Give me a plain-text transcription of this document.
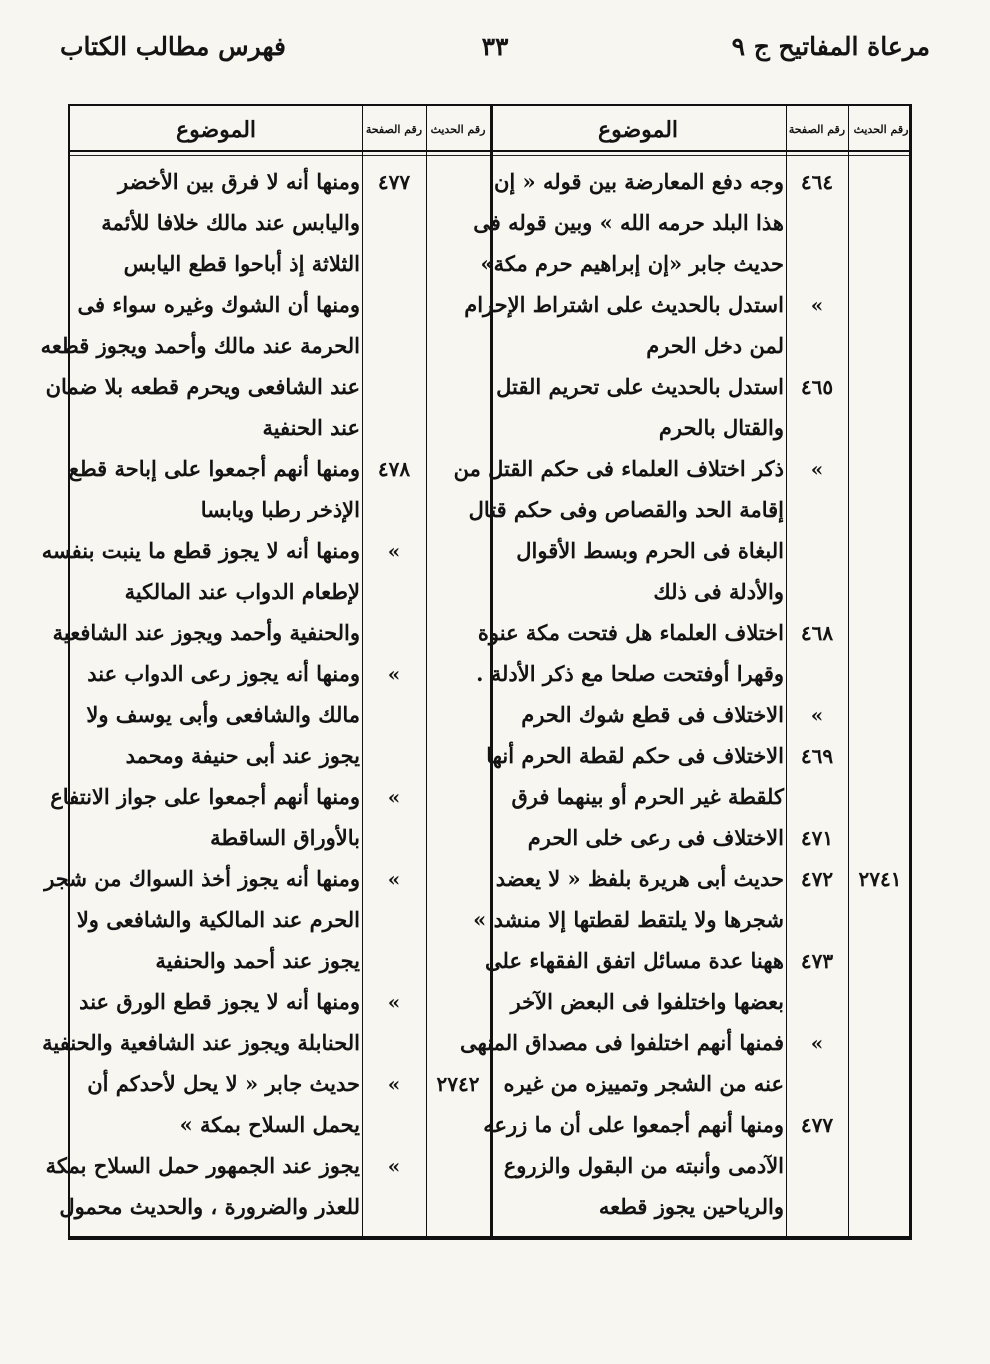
مرعاة المفاتيح ج ٩
٣٣
فهرس مطالب الكتاب
رقم الحديث
رقم الصفحة
الموضوع
رقم الحديث
رقم الصفحة
الموضوع
وجه دفع المعارضة بين قوله « إن
هذا البلد حرمه الله » وبين قوله فى
حديث جابر «إن إبراهيم حرم مكة»
استدل بالحديث على اشتراط الإحرام
لمن دخل الحرم
استدل بالحديث على تحريم القتل
والقتال بالحرم
ذكر اختلاف العلماء فى حكم القتل من
إقامة الحد والقصاص وفى حكم قتال
البغاة فى الحرم وبسط الأقوال
والأدلة فى ذلك
اختلاف العلماء هل فتحت مكة عنوة
وقهرا أوفتحت صلحا مع ذكر الأدلة .
الاختلاف فى قطع شوك الحرم
الاختلاف فى حكم لقطة الحرم أنها
كلقطة غير الحرم أو بينهما فرق
الاختلاف فى رعى خلى الحرم
حديث أبى هريرة بلفظ « لا يعضد
شجرها ولا يلتقط لقطتها إلا منشد »
ههنا عدة مسائل اتفق الفقهاء على
بعضها واختلفوا فى البعض الآخر
فمنها أنهم اختلفوا فى مصداق المنهى
عنه من الشجر وتمييزه من غيره
ومنها أنهم أجمعوا على أن ما زرعه
الآدمى وأنبته من البقول والزروع
والرياحين يجوز قطعه
٤٦٤
»
٤٦٥
»
٤٦٨
»
٤٦٩
٤٧١
٤٧٢
٤٧٣
»
٤٧٧
٢٧٤١
ومنها أنه لا فرق بين الأخضر
واليابس عند مالك خلافا للأئمة
الثلاثة إذ أباحوا قطع اليابس
ومنها أن الشوك وغيره سواء فى
الحرمة عند مالك وأحمد ويجوز قطعه
عند الشافعى ويحرم قطعه بلا ضمان
عند الحنفية
ومنها أنهم أجمعوا على إباحة قطع
الإذخر رطبا ويابسا
ومنها أنه لا يجوز قطع ما ينبت بنفسه
لإطعام الدواب عند المالكية
والحنفية وأحمد ويجوز عند الشافعية
ومنها أنه يجوز رعى الدواب عند
مالك والشافعى وأبى يوسف ولا
يجوز عند أبى حنيفة ومحمد
ومنها أنهم أجمعوا على جواز الانتفاع
بالأوراق الساقطة
ومنها أنه يجوز أخذ السواك من شجر
الحرم عند المالكية والشافعى ولا
يجوز عند أحمد والحنفية
ومنها أنه لا يجوز قطع الورق عند
الحنابلة ويجوز عند الشافعية والحنفية
حديث جابر « لا يحل لأحدكم أن
يحمل السلاح بمكة »
يجوز عند الجمهور حمل السلاح بمكة
للعذر والضرورة ، والحديث محمول
٤٧٧
٤٧٨
»
»
»
»
»
»
»
٢٧٤٢
